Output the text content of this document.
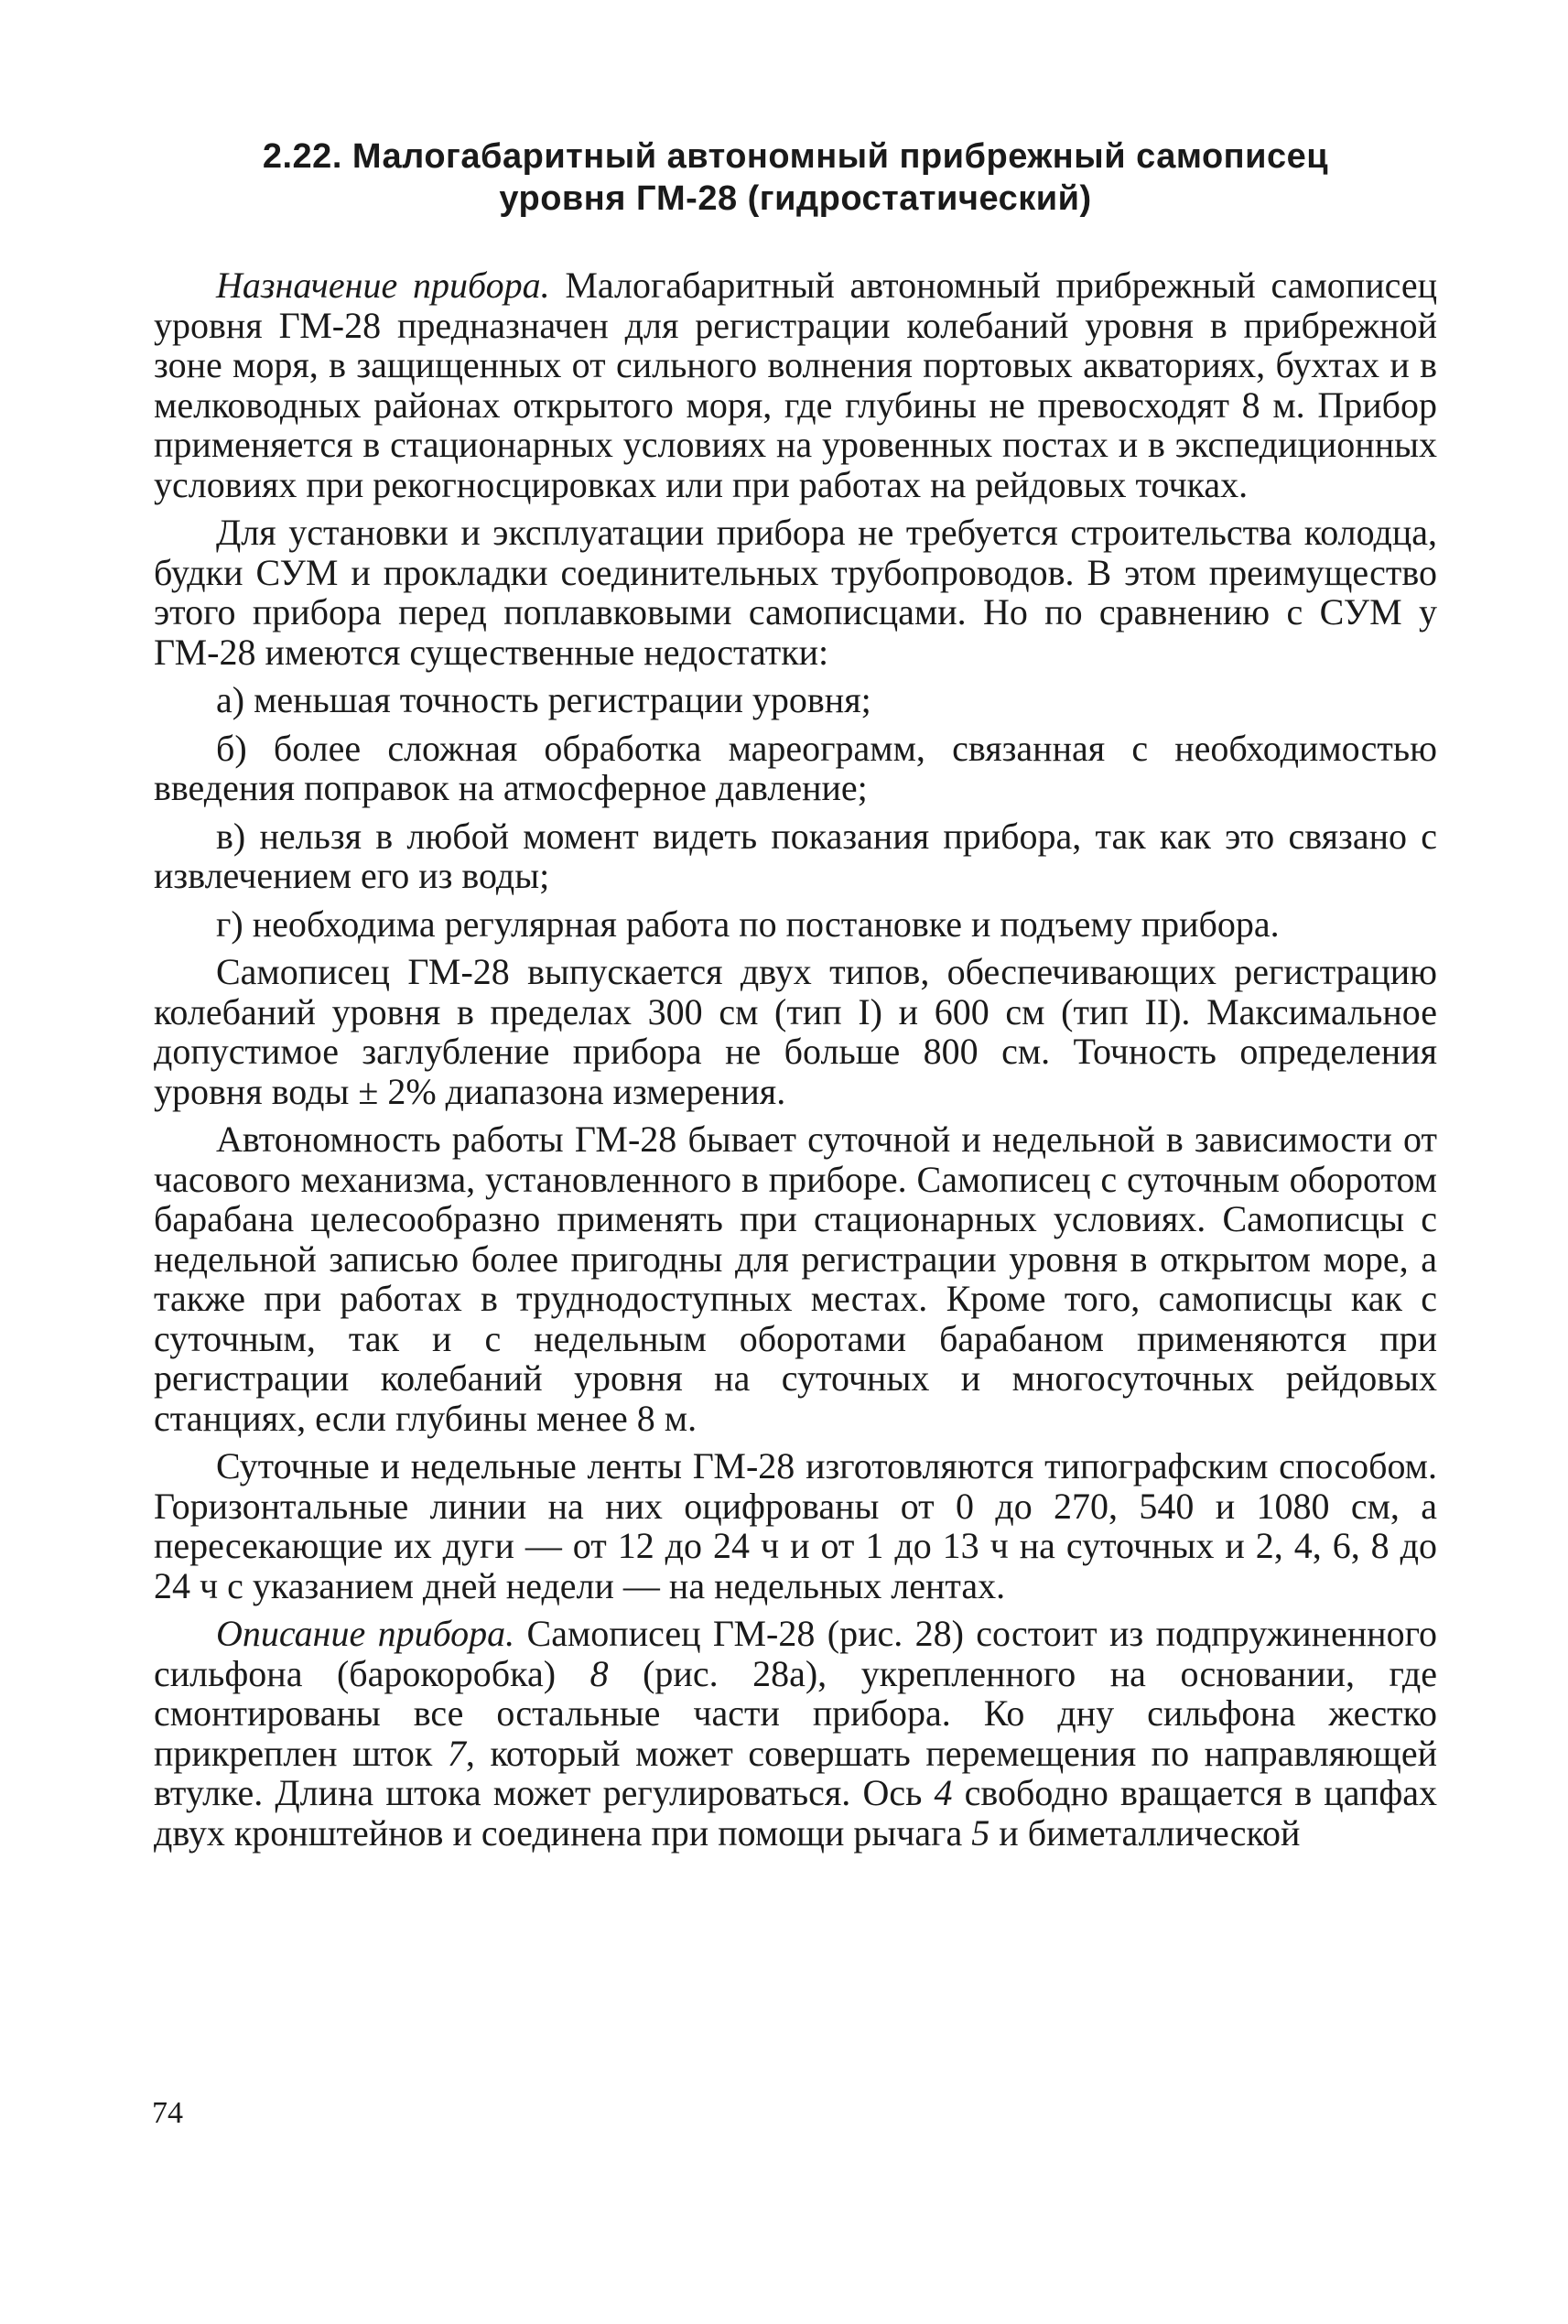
2.22. Малогабаритный автономный прибрежный самописец
уровня ГМ-28 (гидростатический)

Назначение прибора. Малогабаритный автономный прибрежный самописец уровня ГМ-28 предназначен для регистрации колебаний уровня в прибрежной зоне моря, в защищенных от сильного волнения портовых акваториях, бухтах и в мелководных районах открытого моря, где глубины не превосходят 8 м. Прибор применяется в стационарных условиях на уровенных постах и в экспедиционных условиях при рекогносцировках или при работах на рейдовых точках.

Для установки и эксплуатации прибора не требуется строительства колодца, будки СУМ и прокладки соединительных трубопроводов. В этом преимущество этого прибора перед поплавковыми самописцами. Но по сравнению с СУМ у ГМ-28 имеются существенные недостатки:

а) меньшая точность регистрации уровня;

б) более сложная обработка мареограмм, связанная с необходимостью введения поправок на атмосферное давление;

в) нельзя в любой момент видеть показания прибора, так как это связано с извлечением его из воды;

г) необходима регулярная работа по постановке и подъему прибора.

Самописец ГМ-28 выпускается двух типов, обеспечивающих регистрацию колебаний уровня в пределах 300 см (тип I) и 600 см (тип II). Максимальное допустимое заглубление прибора не больше 800 см. Точность определения уровня воды ± 2% диапазона измерения.

Автономность работы ГМ-28 бывает суточной и недельной в зависимости от часового механизма, установленного в приборе. Самописец с суточным оборотом барабана целесообразно применять при стационарных условиях. Самописцы с недельной записью более пригодны для регистрации уровня в открытом море, а также при работах в труднодоступных местах. Кроме того, самописцы как с суточным, так и с недельным оборотами барабаном применяются при регистрации колебаний уровня на суточных и многосуточных рейдовых станциях, если глубины менее 8 м.

Суточные и недельные ленты ГМ-28 изготовляются типографским способом. Горизонтальные линии на них оцифрованы от 0 до 270, 540 и 1080 см, а пересекающие их дуги — от 12 до 24 ч и от 1 до 13 ч на суточных и 2, 4, 6, 8 до 24 ч с указанием дней недели — на недельных лентах.

Описание прибора. Самописец ГМ-28 (рис. 28) состоит из подпружиненного сильфона (барокоробка) 8 (рис. 28а), укрепленного на основании, где смонтированы все остальные части прибора. Ко дну сильфона жестко прикреплен шток 7, который может совершать перемещения по направляющей втулке. Длина штока может регулироваться. Ось 4 свободно вращается в цапфах двух кронштейнов и соединена при помощи рычага 5 и биметаллической

74
